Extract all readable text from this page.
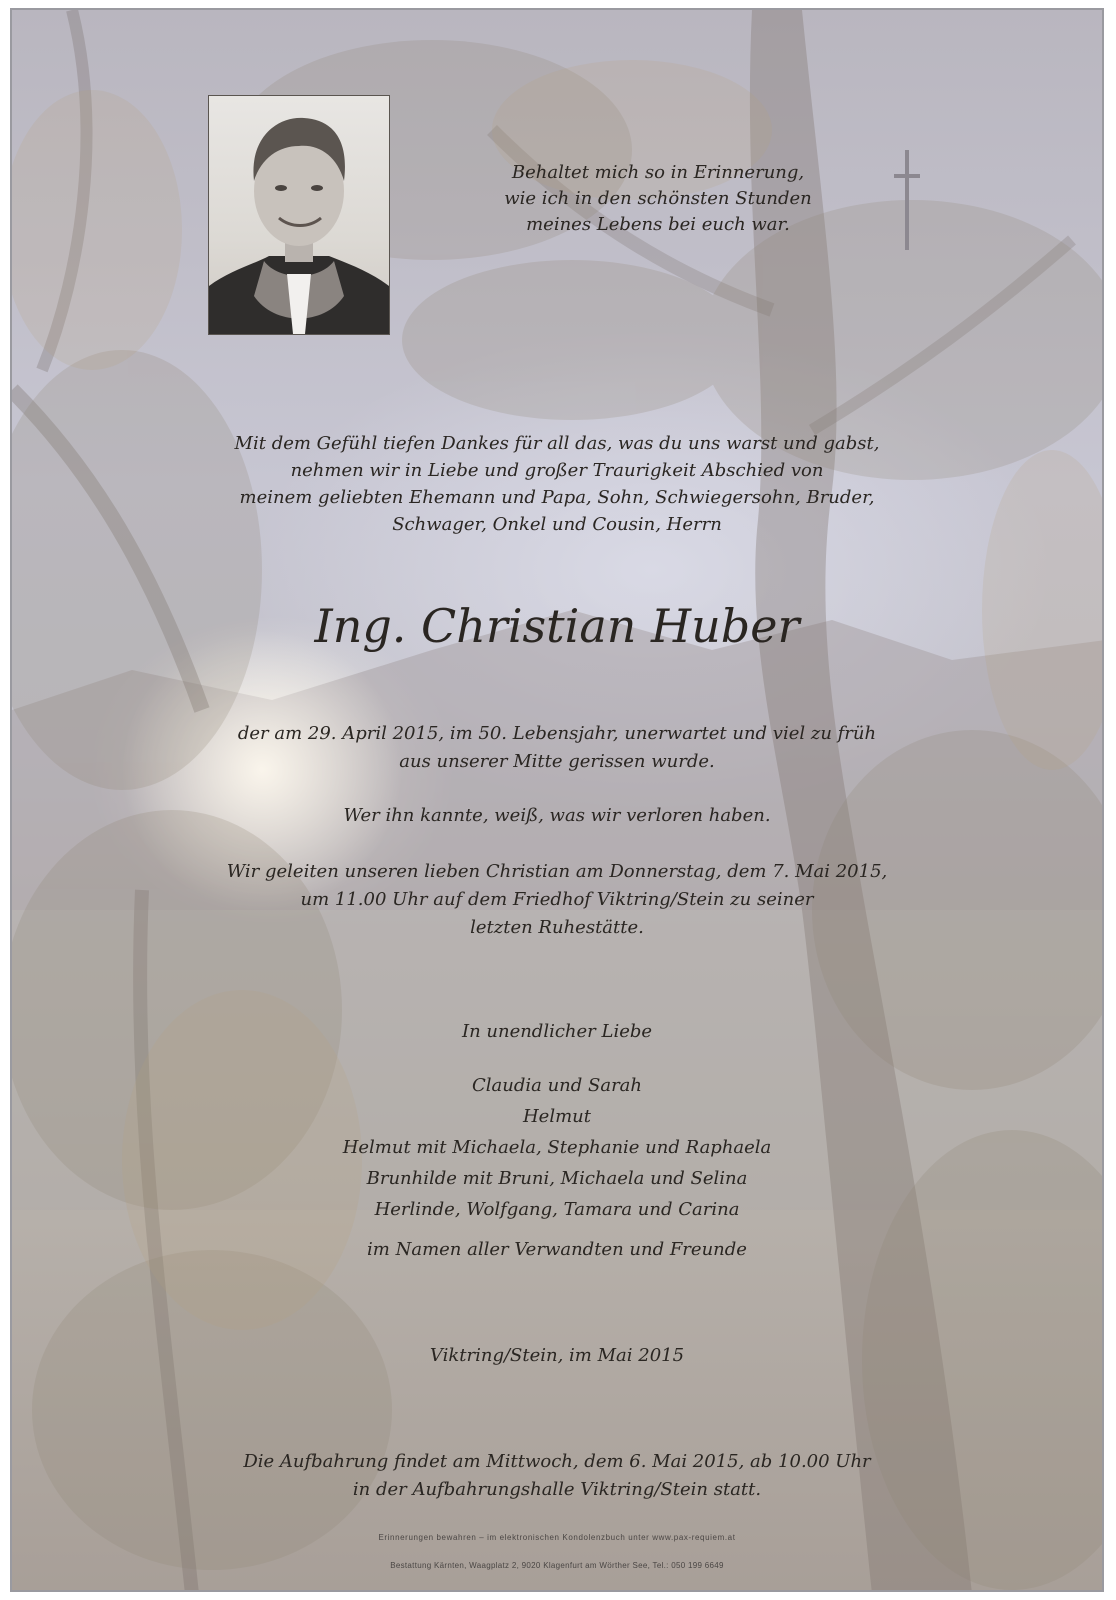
Behaltet mich so in Erinnerung,
wie ich in den schönsten Stunden
meines Lebens bei euch war.
Mit dem Gefühl tiefen Dankes für all das, was du uns warst und gabst,
nehmen wir in Liebe und großer Traurigkeit Abschied von
meinem geliebten Ehemann und Papa, Sohn, Schwiegersohn, Bruder,
Schwager, Onkel und Cousin, Herrn
Ing. Christian Huber
der am 29. April 2015, im 50. Lebensjahr, unerwartet und viel zu früh
aus unserer Mitte gerissen wurde.
Wer ihn kannte, weiß, was wir verloren haben.
Wir geleiten unseren lieben Christian am Donnerstag, dem 7. Mai 2015,
um 11.00 Uhr auf dem Friedhof Viktring/Stein zu seiner
letzten Ruhestätte.
In unendlicher Liebe
Claudia und Sarah
Helmut
Helmut mit Michaela, Stephanie und Raphaela
Brunhilde mit Bruni, Michaela und Selina
Herlinde, Wolfgang, Tamara und Carina
im Namen aller Verwandten und Freunde
Viktring/Stein, im Mai 2015
Die Aufbahrung findet am Mittwoch, dem 6. Mai 2015, ab 10.00 Uhr
in der Aufbahrungshalle Viktring/Stein statt.
Erinnerungen bewahren – im elektronischen Kondolenzbuch unter www.pax-requiem.at
Bestattung Kärnten, Waagplatz 2, 9020 Klagenfurt am Wörther See, Tel.: 050 199 6649
